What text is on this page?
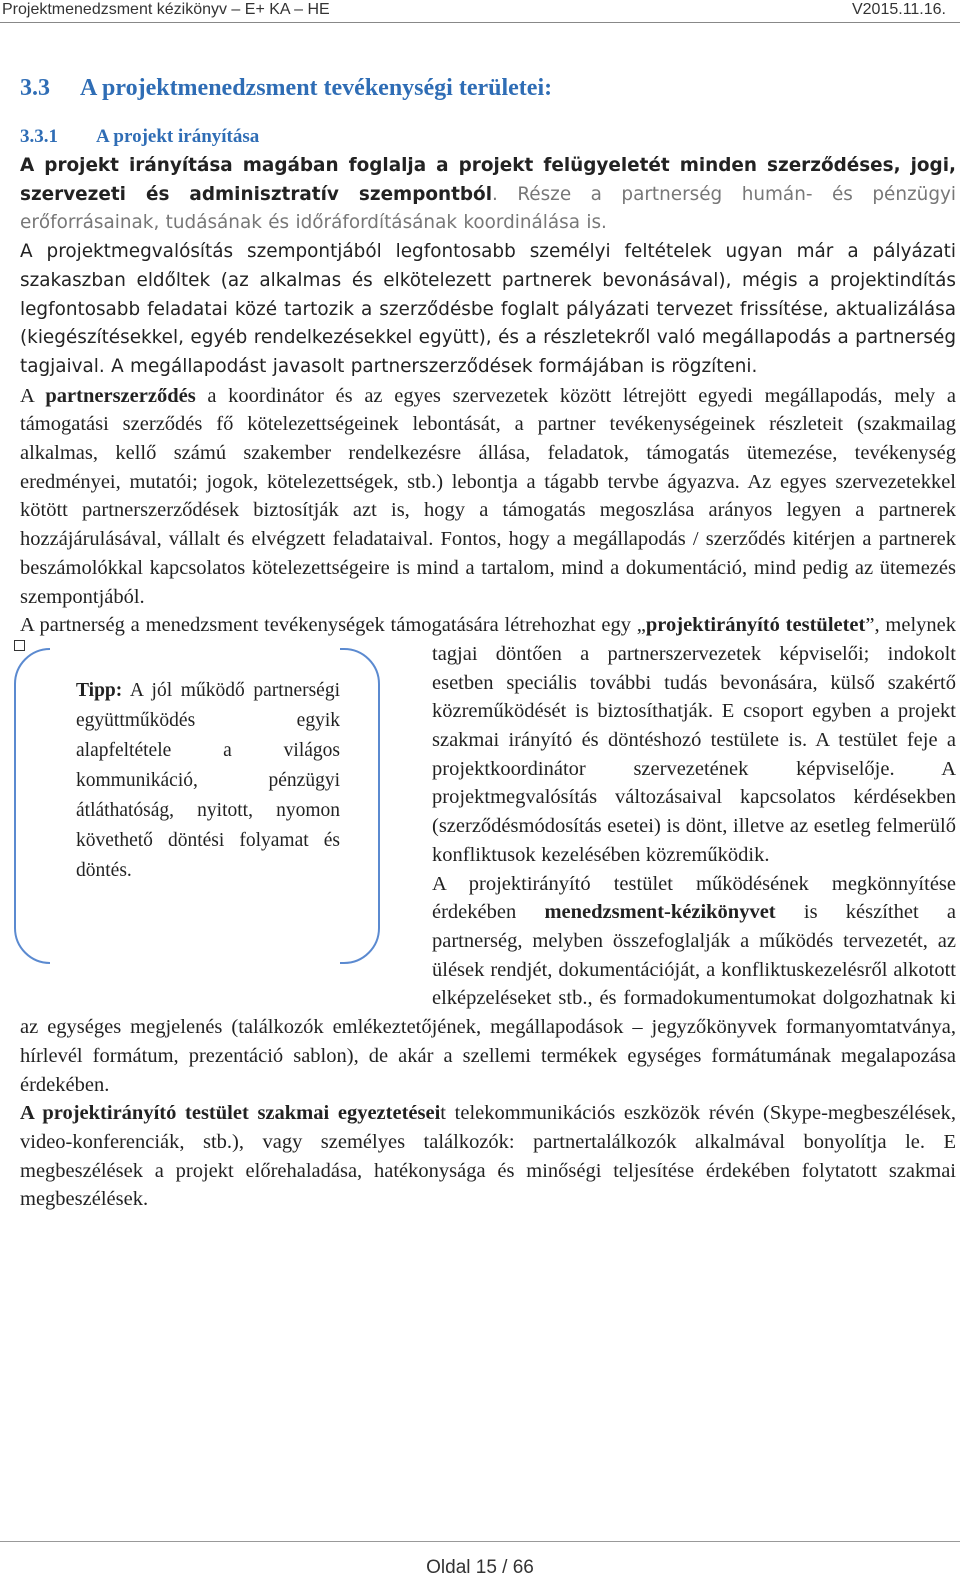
Projektmenedzsment kézikönyv – E+ KA – HE	V2015.11.16.
3.3 A projektmenedzsment tevékenységi területei:
3.3.1 A projekt irányítása

A projekt irányítása magában foglalja a projekt felügyeletét minden szerződéses, jogi, szervezeti és adminisztratív szempontból. Része a partnerség humán- és pénzügyi erőforrásainak, tudásának és időráfordításának koordinálása is.

A projektmegvalósítás szempontjából legfontosabb személyi feltételek ugyan már a pályázati szakaszban eldőltek (az alkalmas és elkötelezett partnerek bevonásával), mégis a projektindítás legfontosabb feladatai közé tartozik a szerződésbe foglalt pályázati tervezet frissítése, aktualizálása (kiegészítésekkel, egyéb rendelkezésekkel együtt), és a részletekről való megállapodás a partnerség tagjaival. A megállapodást javasolt partnerszerződések formájában is rögzíteni.

A partnerszerződés a koordinátor és az egyes szervezetek között létrejött egyedi megállapodás, mely a támogatási szerződés fő kötelezettségeinek lebontását, a partner tevékenységeinek részleteit (szakmailag alkalmas, kellő számú szakember rendelkezésre állása, feladatok, támogatás ütemezése, tevékenység eredményei, mutatói; jogok, kötelezettségek, stb.) lebontja a tágabb tervbe ágyazva. Az egyes szervezetekkel kötött partnerszerződések biztosítják azt is, hogy a támogatás megoszlása arányos legyen a partnerek hozzájárulásával, vállalt és elvégzett feladataival. Fontos, hogy a megállapodás / szerződés kitérjen a partnerek beszámolókkal kapcsolatos kötelezettségeire is mind a tartalom, mind a dokumentáció, mind pedig az ütemezés szempontjából.

A partnerség a menedzsment tevékenységek támogatására létrehozhat egy „
Tipp: A jól működő partnerségi együttműködés egyik alapfeltétele a világos kommunikáció, pénzügyi átláthatóság, nyitott, nyomon követhető döntési folyamat és döntés.
projektirányító testületet”, melynek tagjai döntően a partnerszervezetek képviselői; indokolt esetben speciális további tudás bevonására, külső szakértő közreműködését is biztosíthatják. E csoport egyben a projekt szakmai irányító és döntéshozó testülete is. A testület feje a projektkoordinátor szervezetének képviselője. A projektmegvalósítás változásaival kapcsolatos kérdésekben (szerződésmódosítás esetei) is dönt, illetve az esetleg felmerülő konfliktusok kezelésében közreműködik.

A projektirányító testület működésének megkönnyítése érdekében menedzsment-kézikönyvet is készíthet a partnerség, melyben összefoglalják a működés tervezetét, az ülések rendjét, dokumentációját, a konfliktuskezelésről alkotott elképzeléseket stb., és formadokumentumokat dolgozhatnak ki az egységes megjelenés (találkozók emlékeztetőjének, megállapodások – jegyzőkönyvek formanyomtatványa, hírlevél formátum, prezentáció sablon), de akár a szellemi termékek egységes formátumának megalapozása érdekében.

A projektirányító testület szakmai egyeztetéseit telekommunikációs eszközök révén (Skype-megbeszélések, video-konferenciák, stb.), vagy személyes találkozók: partnertalálkozók alkalmával bonyolítja le. E megbeszélések a projekt előrehaladása, hatékonysága és minőségi teljesítése érdekében folytatott szakmai megbeszélések.

Oldal 15 / 66
